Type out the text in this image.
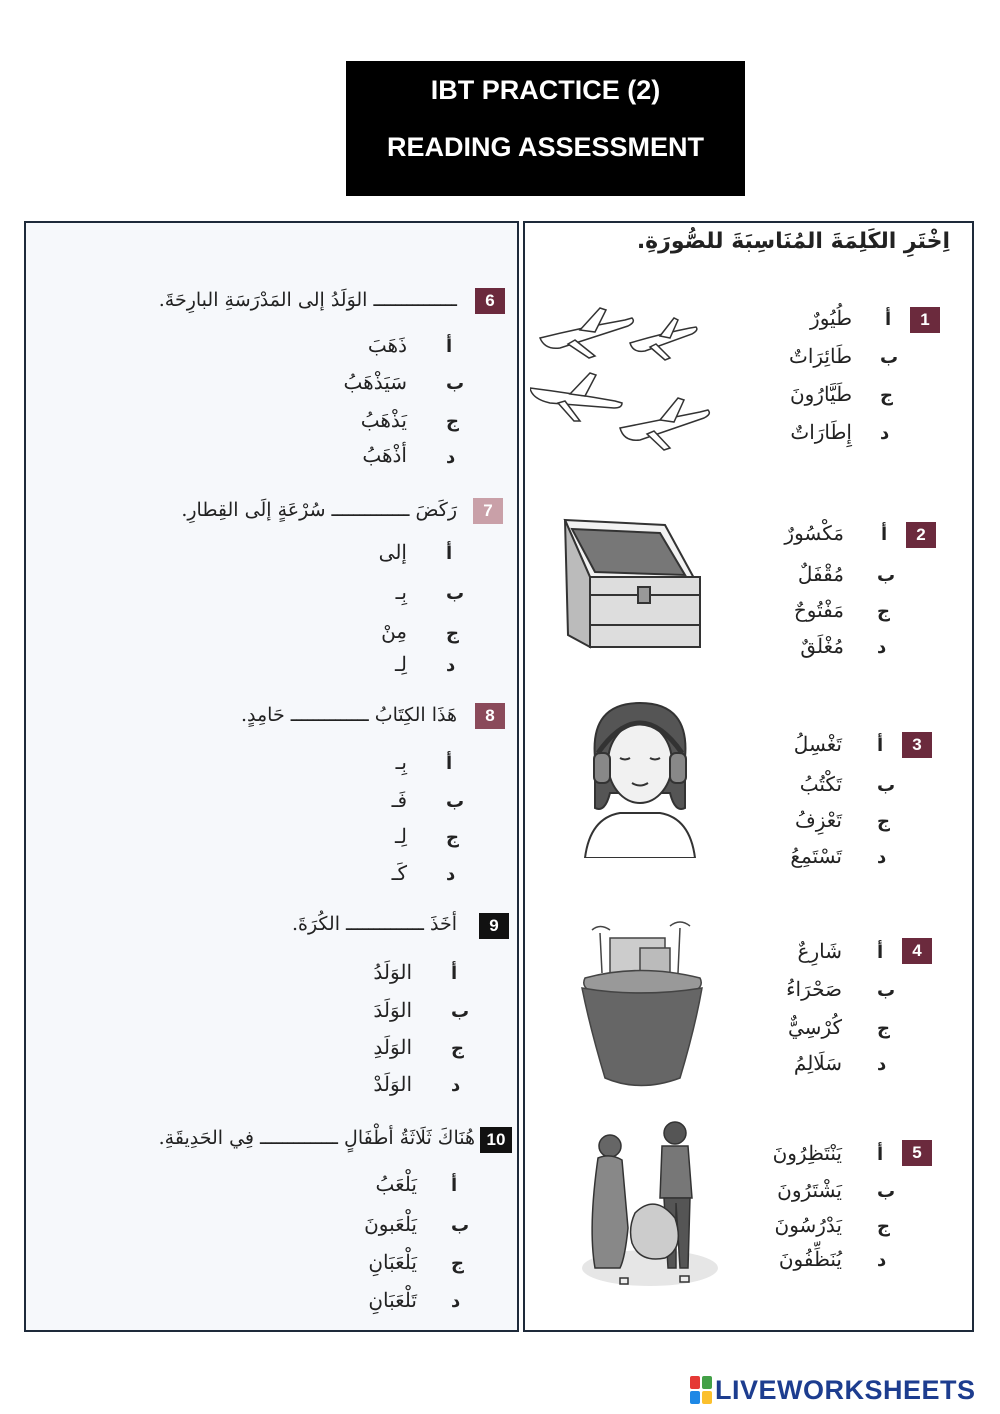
IBT PRACTICE (2)
READING ASSESSMENT
6
ـــــــــــــــ الوَلَدُ إلى المَدْرَسَةِ البارِحَةَ.
أ
ذَهَبَ
ب
سَيَذْهَبُ
ج
يَذْهَبُ
د
أذْهَبُ
7
رَكَضَ ــــــــــــــ سُرْعَةٍ إلَى القِطارِ.
أ
إلى
ب
بِـ
ج
مِنْ
د
لِـ
8
هَذَا الكِتَابُ ــــــــــــــ حَامِدٍ.
أ
بِـ
ب
فَـ
ج
لِـ
د
كَـ
9
أخَذَ ــــــــــــــ الكُرَةَ.
أ
الوَلَدُ
ب
الوَلَدَ
ج
الوَلَدِ
د
الوَلَدْ
10
هُنَاكَ ثَلَاثَةُ أطْفَالٍ ــــــــــــــ فِي الحَدِيقَةِ.
أ
يَلْعَبُ
ب
يَلْعَبونَ
ج
يَلْعَبَانِ
د
تَلْعَبَانِ
اِخْتَرِ الكَلِمَةَ المُنَاسِبَةَ للصُّورَةِ.
1
أ
طُيُورٌ
ب
طَائِرَاتٌ
ج
طَيَّارُونَ
د
إِطَارَاتٌ
2
أ
مَكْسُورٌ
ب
مُقْفَلٌ
ج
مَفْتُوحٌ
د
مُغْلَقٌ
3
أ
تَغْسِلُ
ب
تَكْتُبُ
ج
تَعْزِفُ
د
تَسْتَمِعُ
4
أ
شَارِعٌ
ب
صَحْرَاءُ
ج
كُرْسِيٌّ
د
سَلَالِمُ
5
أ
يَنْتَظِرُونَ
ب
يَشْتَرُونَ
ج
يَدْرُسُونَ
د
يُنَظِّفُونَ
LIVEWORKSHEETS
